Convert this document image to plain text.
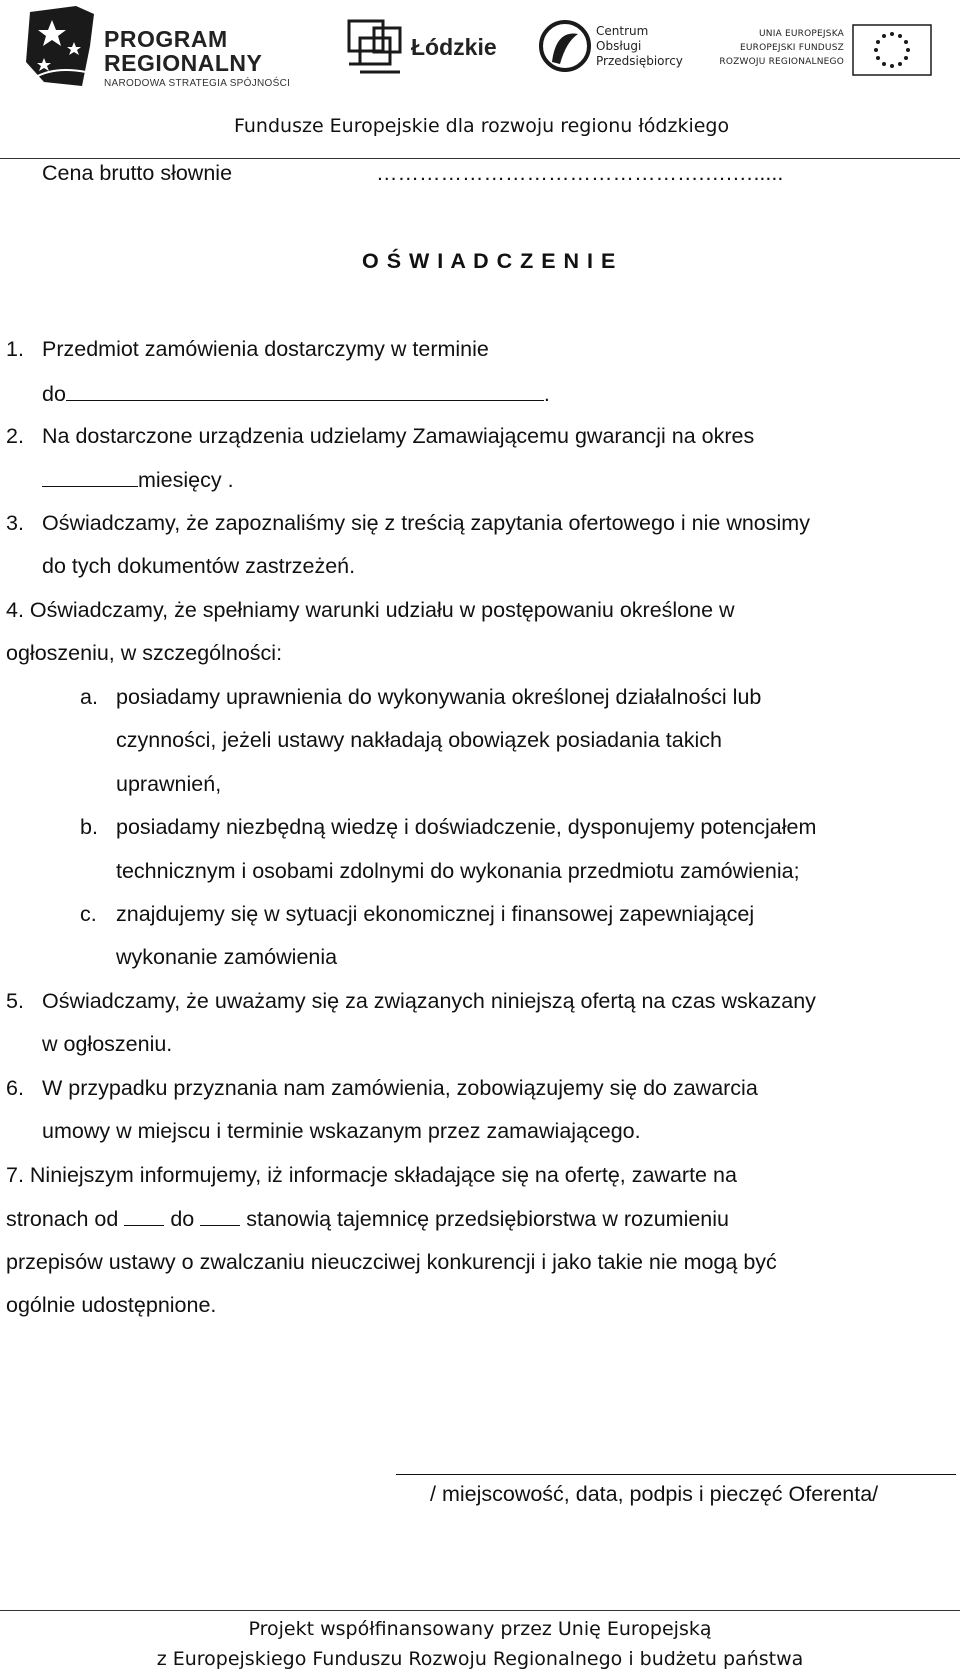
PROGRAM
REGIONALNY
NARODOWA STRATEGIA SPÓJNOŚCI
Łódzkie
Centrum
Obsługi
Przedsiębiorcy
UNIA EUROPEJSKA
EUROPEJSKI FUNDUSZ
ROZWOJU REGIONALNEGO
Fundusze Europejskie dla rozwoju regionu łódzkiego
Cena brutto słownie	……………………………………….….….....
O Ś W I A D C Z E N I E
1. Przedmiot zamówienia dostarczymy w terminie
do	.
2. Na dostarczone urządzenia udzielamy Zamawiającemu gwarancji na okres
miesięcy .
3. Oświadczamy, że zapoznaliśmy się z treścią zapytania ofertowego i nie wnosimy
do tych dokumentów zastrzeżeń.
4. Oświadczamy, że spełniamy warunki udziału w postępowaniu określone w
ogłoszeniu, w szczególności:
a. posiadamy uprawnienia do wykonywania określonej działalności lub
czynności, jeżeli ustawy nakładają obowiązek posiadania takich
uprawnień,
b. posiadamy niezbędną wiedzę i doświadczenie, dysponujemy potencjałem
technicznym i osobami zdolnymi do wykonania przedmiotu zamówienia;
c. znajdujemy się w sytuacji ekonomicznej i finansowej zapewniającej
wykonanie zamówienia
5. Oświadczamy, że uważamy się za związanych niniejszą ofertą na czas wskazany
w ogłoszeniu.
6. W przypadku przyznania nam zamówienia, zobowiązujemy się do zawarcia
umowy w miejscu i terminie wskazanym przez zamawiającego.
7. Niniejszym informujemy, iż informacje składające się na ofertę, zawarte na
stronach od do stanowią tajemnicę przedsiębiorstwa w rozumieniu
przepisów ustawy o zwalczaniu nieuczciwej konkurencji i jako takie nie mogą być
ogólnie udostępnione.
/ miejscowość, data, podpis i pieczęć Oferenta/
Projekt współfinansowany przez Unię Europejską
z Europejskiego Funduszu Rozwoju Regionalnego i budżetu państwa
